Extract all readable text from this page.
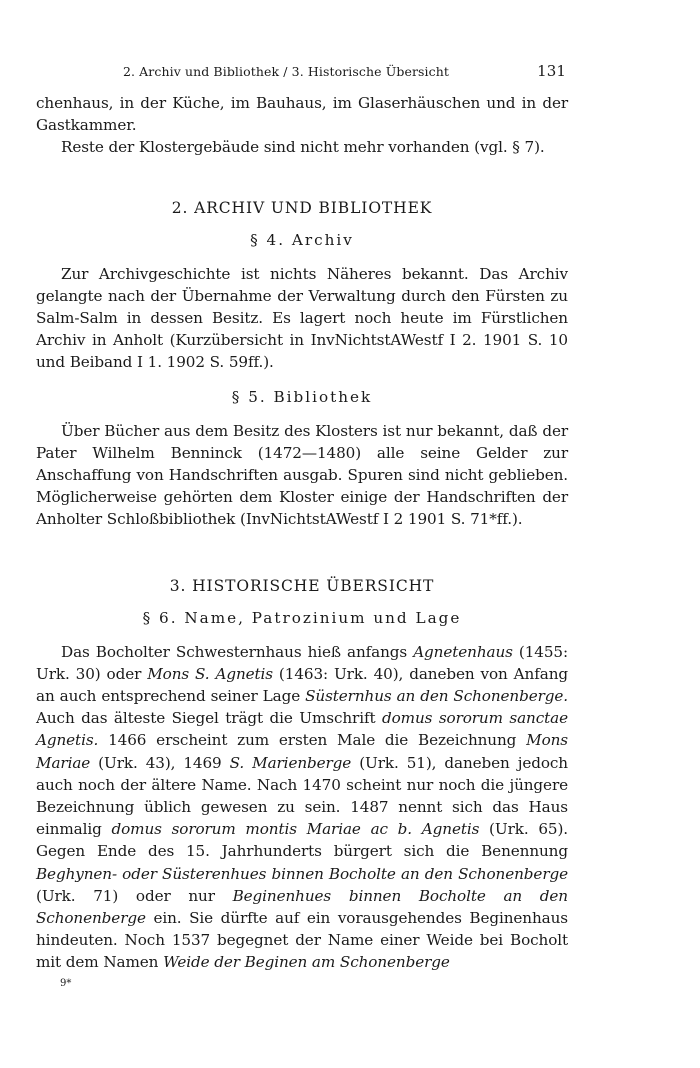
2. Archiv und Bibliothek / 3. Historische Übersicht	131

chenhaus, in der Küche, im Bauhaus, im Glaserhäuschen und in der Gastkammer.

Reste der Klostergebäude sind nicht mehr vorhanden (vgl. § 7).

2. ARCHIV UND BIBLIOTHEK
§ 4. Archiv

Zur Archivgeschichte ist nichts Näheres bekannt. Das Archiv gelangte nach der Übernahme der Verwaltung durch den Fürsten zu Salm-Salm in dessen Besitz. Es lagert noch heute im Fürstlichen Archiv in Anholt (Kurzübersicht in InvNichtstAWestf I 2. 1901 S. 10 und Beiband I 1. 1902 S. 59ff.).

§ 5. Bibliothek

Über Bücher aus dem Besitz des Klosters ist nur bekannt, daß der Pater Wilhelm Benninck (1472—1480) alle seine Gelder zur Anschaffung von Handschriften ausgab. Spuren sind nicht geblieben. Möglicherweise gehörten dem Kloster einige der Handschriften der Anholter Schloßbibliothek (InvNichtstAWestf I 2 1901 S. 71*ff.).

3. HISTORISCHE ÜBERSICHT
§ 6. Name, Patrozinium und Lage

Das Bocholter Schwesternhaus hieß anfangs Agnetenhaus (1455: Urk. 30) oder Mons S. Agnetis (1463: Urk. 40), daneben von Anfang an auch entsprechend seiner Lage Süsternhus an den Schonenberge. Auch das älteste Siegel trägt die Umschrift domus sororum sanctae Agnetis. 1466 erscheint zum ersten Male die Bezeichnung Mons Mariae (Urk. 43), 1469 S. Marienberge (Urk. 51), daneben jedoch auch noch der ältere Name. Nach 1470 scheint nur noch die jüngere Bezeichnung üblich gewesen zu sein. 1487 nennt sich das Haus einmalig domus sororum montis Mariae ac b. Agnetis (Urk. 65). Gegen Ende des 15. Jahrhunderts bürgert sich die Benennung Beghynen- oder Süsterenhues binnen Bocholte an den Schonenberge (Urk. 71) oder nur Beginenhues binnen Bocholte an den Schonenberge ein. Sie dürfte auf ein vorausgehendes Beginenhaus hindeuten. Noch 1537 begegnet der Name einer Weide bei Bocholt mit dem Namen Weide der Beginen am Schonenberge

9*
